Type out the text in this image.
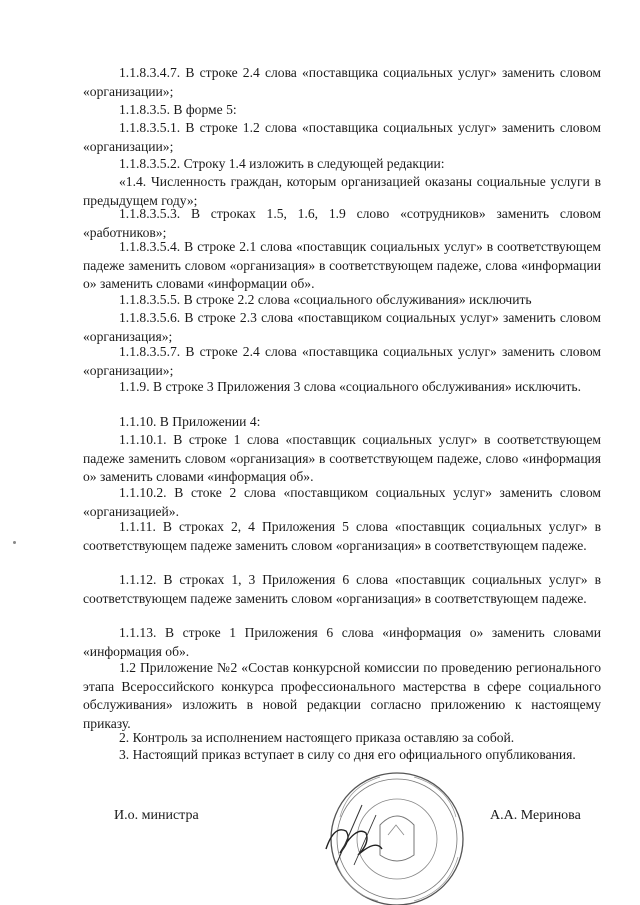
1.1.8.3.4.7. В строке 2.4 слова «поставщика социальных услуг» заменить словом «организации»;

1.1.8.3.5. В форме 5:

1.1.8.3.5.1. В строке 1.2 слова «поставщика социальных услуг» заменить словом «организации»;

1.1.8.3.5.2. Строку 1.4 изложить в следующей редакции:

«1.4. Численность граждан, которым организацией оказаны социальные услуги в предыдущем году»;

1.1.8.3.5.3. В строках 1.5, 1.6, 1.9 слово «сотрудников» заменить словом «работников»;

1.1.8.3.5.4. В строке 2.1 слова «поставщик социальных услуг» в соответствующем падеже заменить словом «организация» в соответствующем падеже, слова «информации о» заменить словами «информации об».

1.1.8.3.5.5. В строке 2.2 слова «социального обслуживания» исключить

1.1.8.3.5.6. В строке 2.3 слова «поставщиком социальных услуг» заменить словом «организация»;

1.1.8.3.5.7. В строке 2.4 слова «поставщика социальных услуг» заменить словом «организации»;

1.1.9. В строке 3 Приложения 3 слова «социального обслуживания» исключить.

1.1.10. В Приложении 4:

1.1.10.1. В строке 1 слова «поставщик социальных услуг» в соответствующем падеже заменить словом «организация» в соответствующем падеже, слово «информация о» заменить словами «информация об».

1.1.10.2. В стоке 2 слова «поставщиком социальных услуг» заменить словом «организацией».

1.1.11. В строках 2, 4 Приложения 5 слова «поставщик социальных услуг» в соответствующем падеже заменить словом «организация» в соответствующем падеже.

1.1.12. В строках 1, 3 Приложения 6 слова «поставщик социальных услуг» в соответствующем падеже заменить словом «организация» в соответствующем падеже.

1.1.13. В строке 1 Приложения 6 слова «информация о» заменить словами «информация об».

1.2 Приложение №2 «Состав конкурсной комиссии по проведению регионального этапа Всероссийского конкурса профессионального мастерства в сфере социального обслуживания» изложить в новой редакции согласно приложению к настоящему приказу.

2. Контроль за исполнением настоящего приказа оставляю за собой.

3. Настоящий приказ вступает в силу со дня его официального опубликования.

И.о. министра	А.А. Меринова
